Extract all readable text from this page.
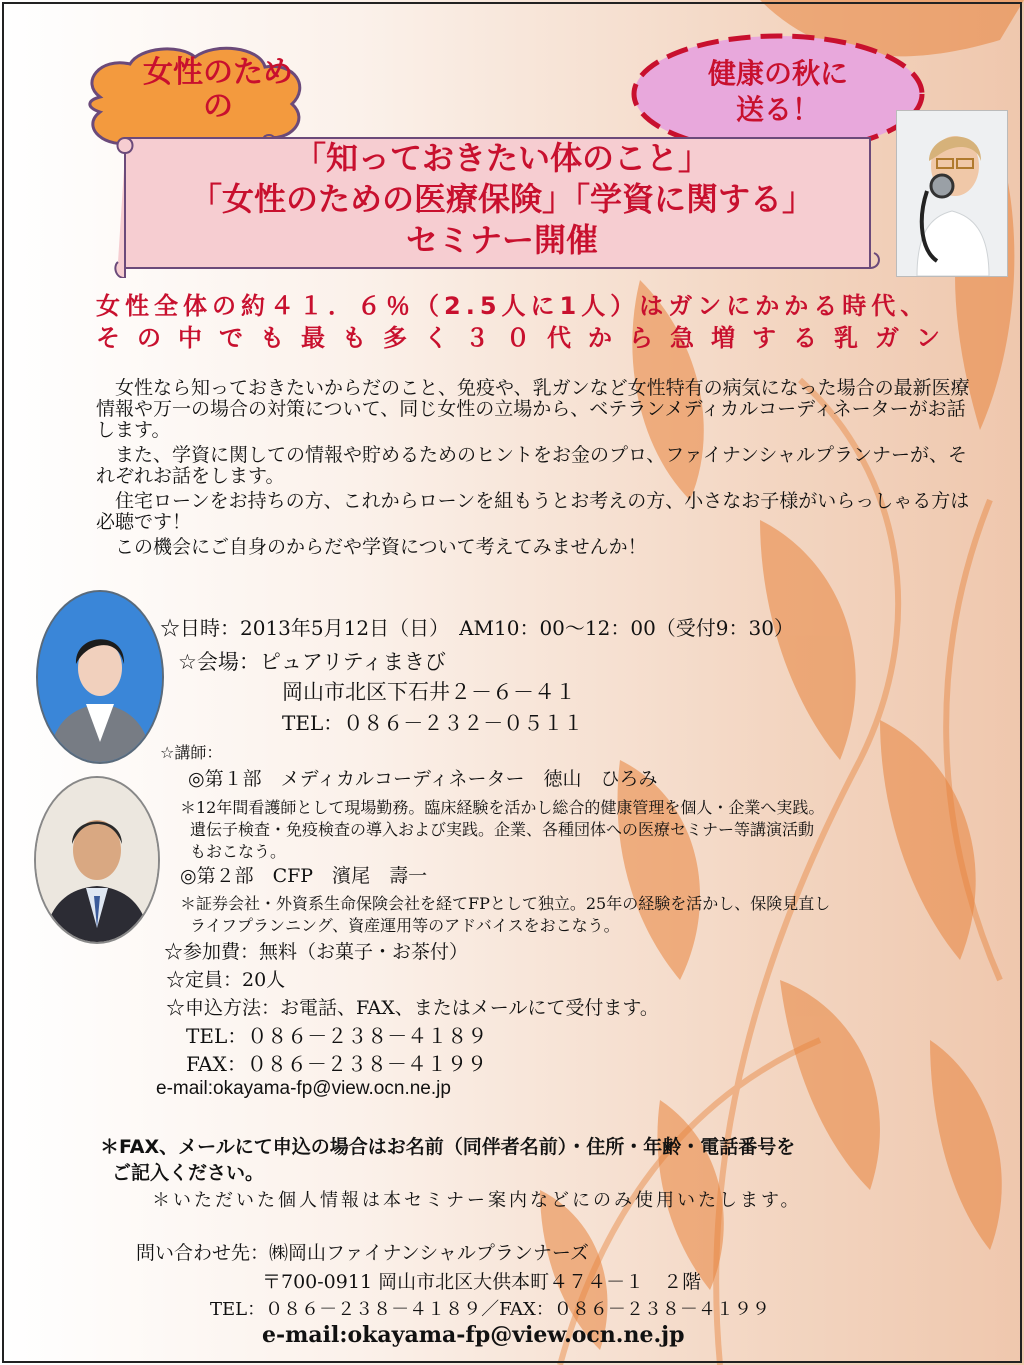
女性のため
の
健康の秋に
送る！
「知っておきたい体のこと」
「女性のための医療保険」「学資に関する」
セミナー開催
女性全体の約４１．６％（2.5人に1人）はガンにかかる時代、
その中でも最も多く３０代から急増する乳ガン

女性なら知っておきたいからだのこと、免疫や、乳ガンなど女性特有の病気になった場合の最新医療情報や万一の場合の対策について、同じ女性の立場から、ベテランメディカルコーディネーターがお話します。

また、学資に関しての情報や貯めるためのヒントをお金のプロ、ファイナンシャルプランナーが、それぞれお話をします。

住宅ローンをお持ちの方、これからローンを組もうとお考えの方、小さなお子様がいらっしゃる方は必聴です！

この機会にご自身のからだや学資について考えてみませんか！

☆日時：2013年5月12日（日）　AM10：00〜12：00（受付9：30）
☆会場：ピュアリティまきび
岡山市北区下石井２－６－４１
TEL：０８６－２３２－０５１１
☆講師：
◎第１部　メディカルコーディネーター　徳山　ひろみ
＊12年間看護師として現場勤務。臨床経験を活かし総合的健康管理を個人・企業へ実践。
遺伝子検査・免疫検査の導入および実践。企業、各種団体への医療セミナー等講演活動
もおこなう。
◎第２部　CFP　濱尾　壽一
＊証券会社・外資系生命保険会社を経てFPとして独立。25年の経験を活かし、保険見直し
ライフプランニング、資産運用等のアドバイスをおこなう。
☆参加費：無料（お菓子・お茶付）
☆定員：20人
☆申込方法：お電話、FAX、またはメールにて受付ます。
TEL：０８６－２３８－４１８９
FAX：０８６－２３８－４１９９
e-mail:okayama-fp@view.ocn.ne.jp
＊FAX、メールにて申込の場合はお名前（同伴者名前）・住所・年齢・電話番号を
ご記入ください。
＊いただいた個人情報は本セミナー案内などにのみ使用いたします。
問い合わせ先：㈱岡山ファイナンシャルプランナーズ
〒700-0911 岡山市北区大供本町４７４－１　２階
TEL：０８６－２３８－４１８９／FAX：０８６－２３８－４１９９
e-mail:okayama-fp@view.ocn.ne.jp
